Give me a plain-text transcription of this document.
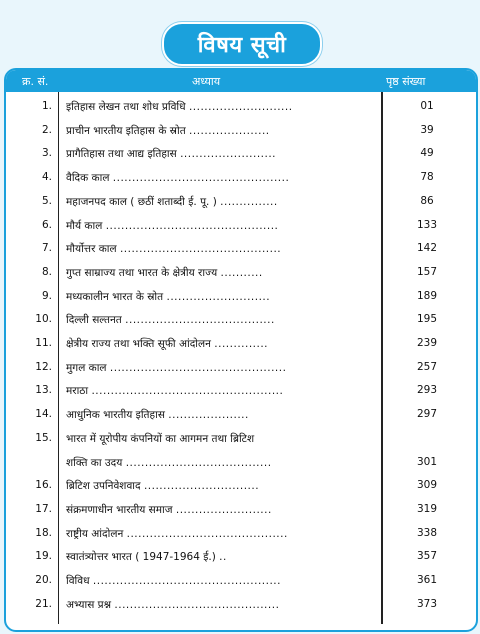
विषय सूची
क्र. सं.	अध्याय	पृष्ठ संख्या
1. इतिहास लेखन तथा शोध प्रविधि ...........................	01
2. प्राचीन भारतीय इतिहास के स्रोत .....................	39
3. प्रागैतिहास तथा आद्य इतिहास .........................	49
4. वैदिक काल ..............................................	78
5. महाजनपद काल ( छठीं शताब्दी ई. पू. ) ...............	86
6. मौर्य काल .............................................	133
7. मौर्योत्तर काल ..........................................	142
8. गुप्त साम्राज्य तथा भारत के क्षेत्रीय राज्य ...........	157
9. मध्यकालीन भारत के स्रोत ...........................	189
10. दिल्ली सल्तनत .......................................	195
11. क्षेत्रीय राज्य तथा भक्ति सूफी आंदोलन ..............	239
12. मुगल काल ..............................................	257
13. मराठा ..................................................	293
14. आधुनिक भारतीय इतिहास .....................	297
15. भारत में यूरोपीय कंपनियों का आगमन तथा ब्रिटिश
शक्ति का उदय ......................................	301
16. ब्रिटिश उपनिवेशवाद ..............................	309
17. संक्रमणाधीन भारतीय समाज .........................	319
18. राष्ट्रीय आंदोलन ..........................................	338
19. स्वातंत्र्योत्तर भारत ( 1947-1964 ई.) ..	357
20. विविध .................................................	361
21. अभ्यास प्रश्न ...........................................	373
